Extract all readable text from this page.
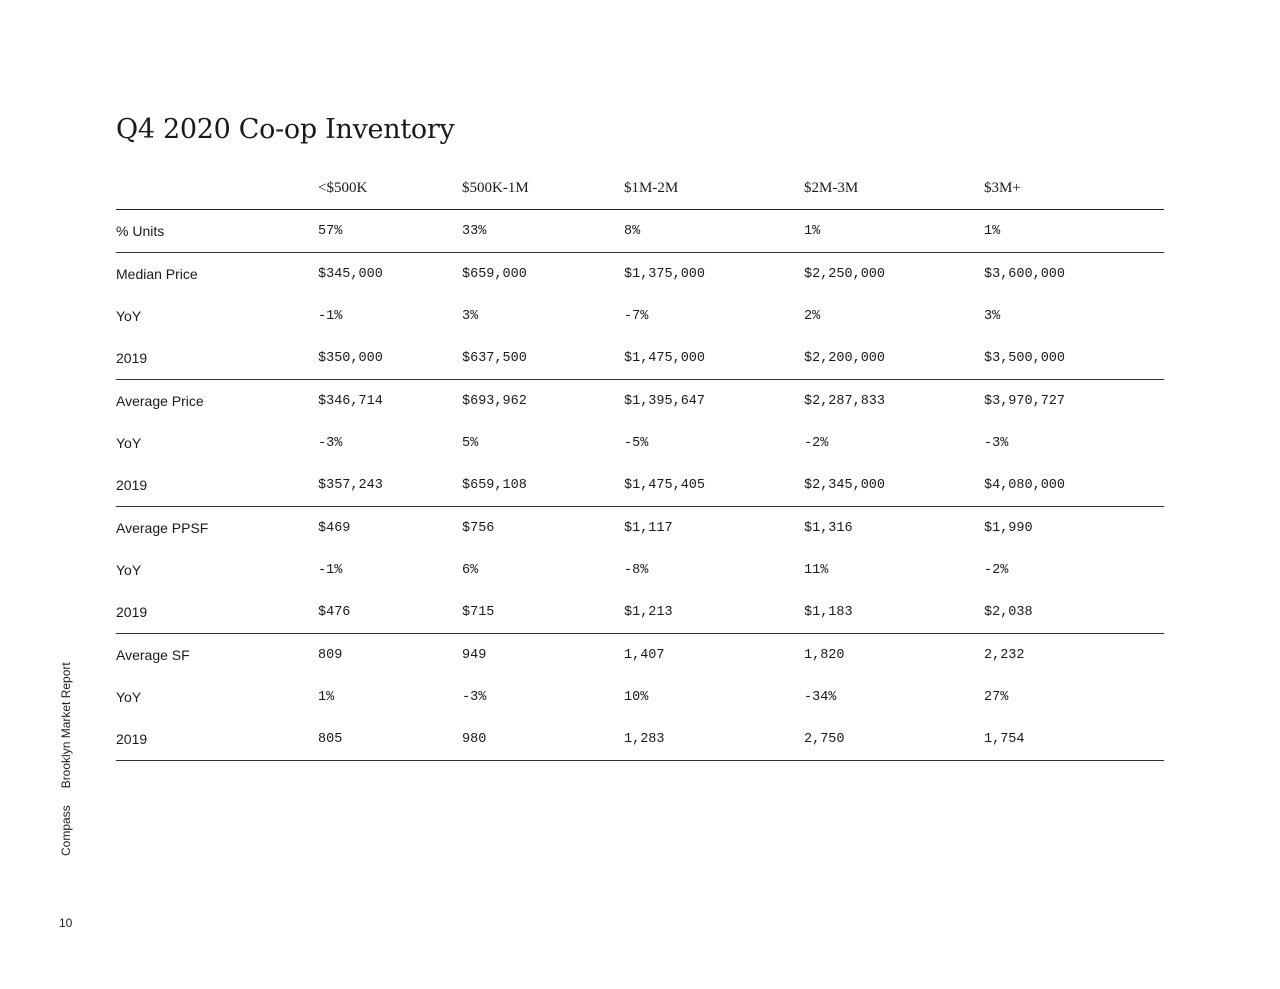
Q4 2020 Co-op Inventory
	<$500K	$500K-1M	$1M-2M	$2M-3M	$3M+
% Units	57%	33%	8%	1%	1%
Median Price	$345,000	$659,000	$1,375,000	$2,250,000	$3,600,000
YoY	-1%	3%	-7%	2%	3%
2019	$350,000	$637,500	$1,475,000	$2,200,000	$3,500,000
Average Price	$346,714	$693,962	$1,395,647	$2,287,833	$3,970,727
YoY	-3%	5%	-5%	-2%	-3%
2019	$357,243	$659,108	$1,475,405	$2,345,000	$4,080,000
Average PPSF	$469	$756	$1,117	$1,316	$1,990
YoY	-1%	6%	-8%	11%	-2%
2019	$476	$715	$1,213	$1,183	$2,038
Average SF	809	949	1,407	1,820	2,232
YoY	1%	-3%	10%	-34%	27%
2019	805	980	1,283	2,750	1,754
CompassBrooklyn Market Report
10
